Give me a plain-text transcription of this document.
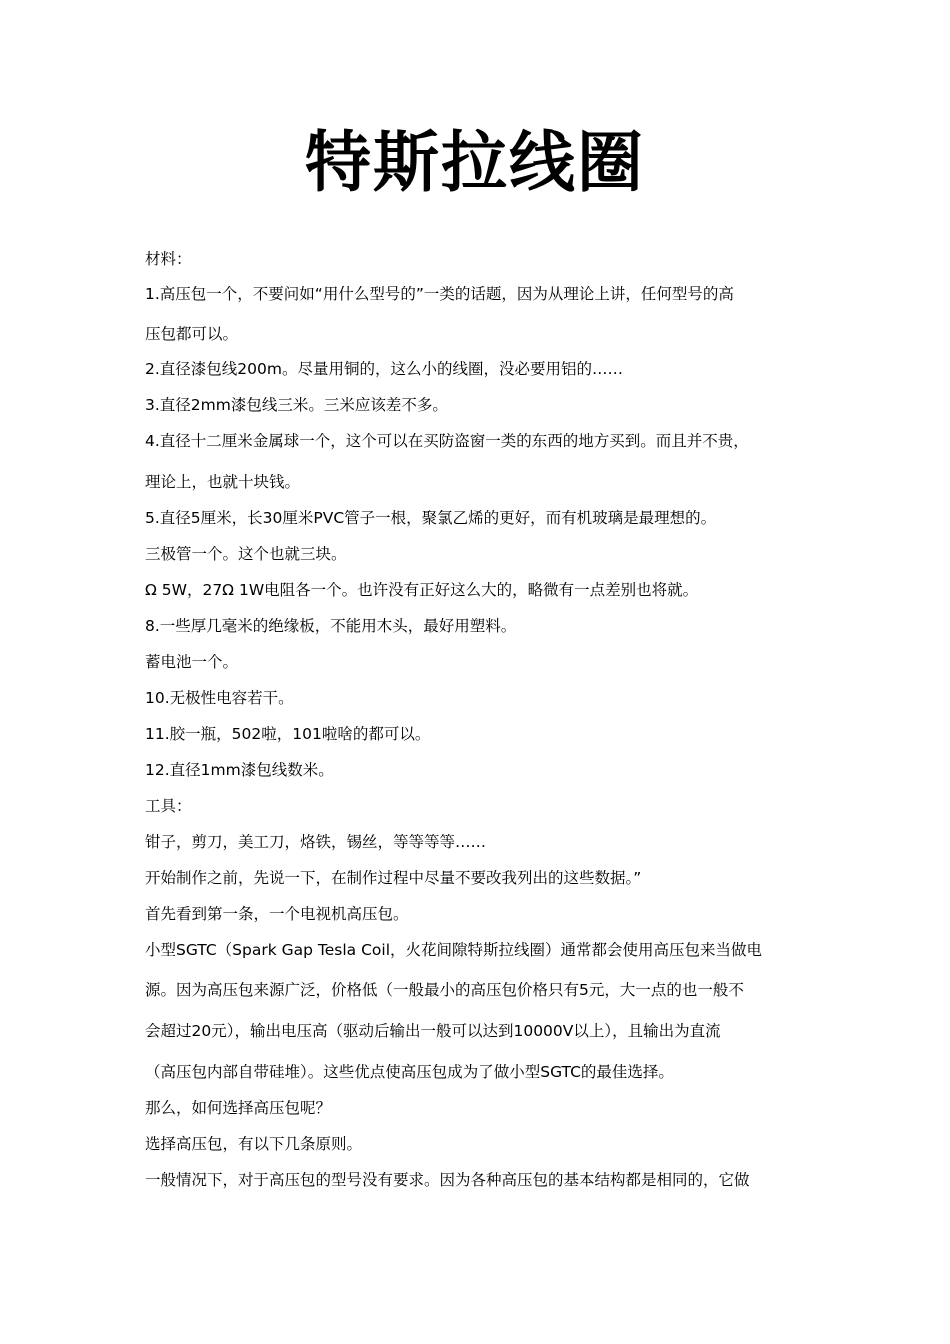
特斯拉线圈
材料：
1.高压包一个，不要问如“用什么型号的”一类的话题，因为从理论上讲，任何型号的高
压包都可以。
2.直径漆包线200m。尽量用铜的，这么小的线圈，没必要用铝的……
3.直径2mm漆包线三米。三米应该差不多。
4.直径十二厘米金属球一个，这个可以在买防盗窗一类的东西的地方买到。而且并不贵，
理论上，也就十块钱。
5.直径5厘米，长30厘米PVC管子一根，聚氯乙烯的更好，而有机玻璃是最理想的。
三极管一个。这个也就三块。
Ω 5W，27Ω 1W电阻各一个。也许没有正好这么大的，略微有一点差别也将就。
8.一些厚几毫米的绝缘板，不能用木头，最好用塑料。
蓄电池一个。
10.无极性电容若干。
11.胶一瓶，502啦，101啦啥的都可以。
12.直径1mm漆包线数米。
工具：
钳子，剪刀，美工刀，烙铁，锡丝，等等等等……
开始制作之前，先说一下，在制作过程中尽量不要改我列出的这些数据。”
首先看到第一条，一个电视机高压包。
小型SGTC（Spark Gap Tesla Coil，火花间隙特斯拉线圈）通常都会使用高压包来当做电
源。因为高压包来源广泛，价格低（一般最小的高压包价格只有5元，大一点的也一般不
会超过20元），输出电压高（驱动后输出一般可以达到10000V以上），且输出为直流
（高压包内部自带硅堆）。这些优点使高压包成为了做小型SGTC的最佳选择。
那么，如何选择高压包呢？
选择高压包，有以下几条原则。
一般情况下，对于高压包的型号没有要求。因为各种高压包的基本结构都是相同的，它做
